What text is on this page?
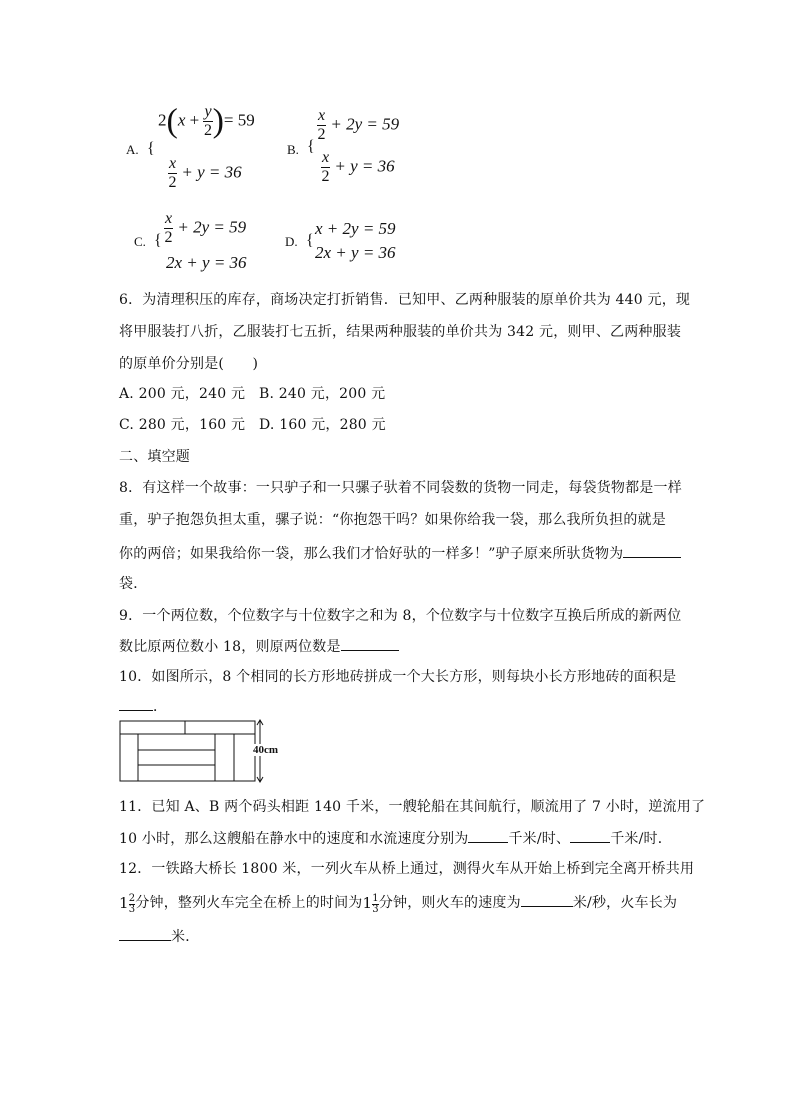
A. {
$2(x + \frac{y}{2}$ )= 59
$\frac{x}{2} + y = 36$
B. {
$\frac{x}{2} + 2y = 59$
$\frac{x}{2} + y = 36$
C. { $\frac{x}{2} + 2y = 59$
2x + y = 36
D. {
x + 2y = 59
2x + y = 36
6．为清理积压的库存，商场决定打折销售．已知甲、乙两种服装的原单价共为 440 元，现
将甲服装打八折，乙服装打七五折，结果两种服装的单价共为 342 元，则甲、乙两种服装
的原单价分别是(　　)
A. 200 元，240 元 B. 240 元，200 元
C. 280 元，160 元 D. 160 元，280 元
二、填空题
8．有这样一个故事：一只驴子和一只骡子驮着不同袋数的货物一同走，每袋货物都是一样
重，驴子抱怨负担太重，骡子说：“你抱怨干吗？如果你给我一袋，那么我所负担的就是
你的两倍；如果我给你一袋，那么我们才恰好驮的一样多！”驴子原来所驮货物为
袋．
9．一个两位数，个位数字与十位数字之和为 8，个位数字与十位数字互换后所成的新两位
数比原两位数小 18，则原两位数是
10．如图所示，8 个相同的长方形地砖拼成一个大长方形，则每块小长方形地砖的面积是
．
40cm
11．已知 A、B 两个码头相距 140 千米，一艘轮船在其间航行，顺流用了 7 小时，逆流用了
10 小时，那么这艘船在静水中的速度和水流速度分别为	千米/时、	千米/时．
12．一铁路大桥长 1800 米，一列火车从桥上通过，测得火车从开始上桥到完全离开桥共用
$1 \frac{2}{3}$ 分钟，整列火车完全在桥上的时间为$1 \frac{1}{3}$ 分钟，则火车的速度为	米/秒，火车长为
米．
